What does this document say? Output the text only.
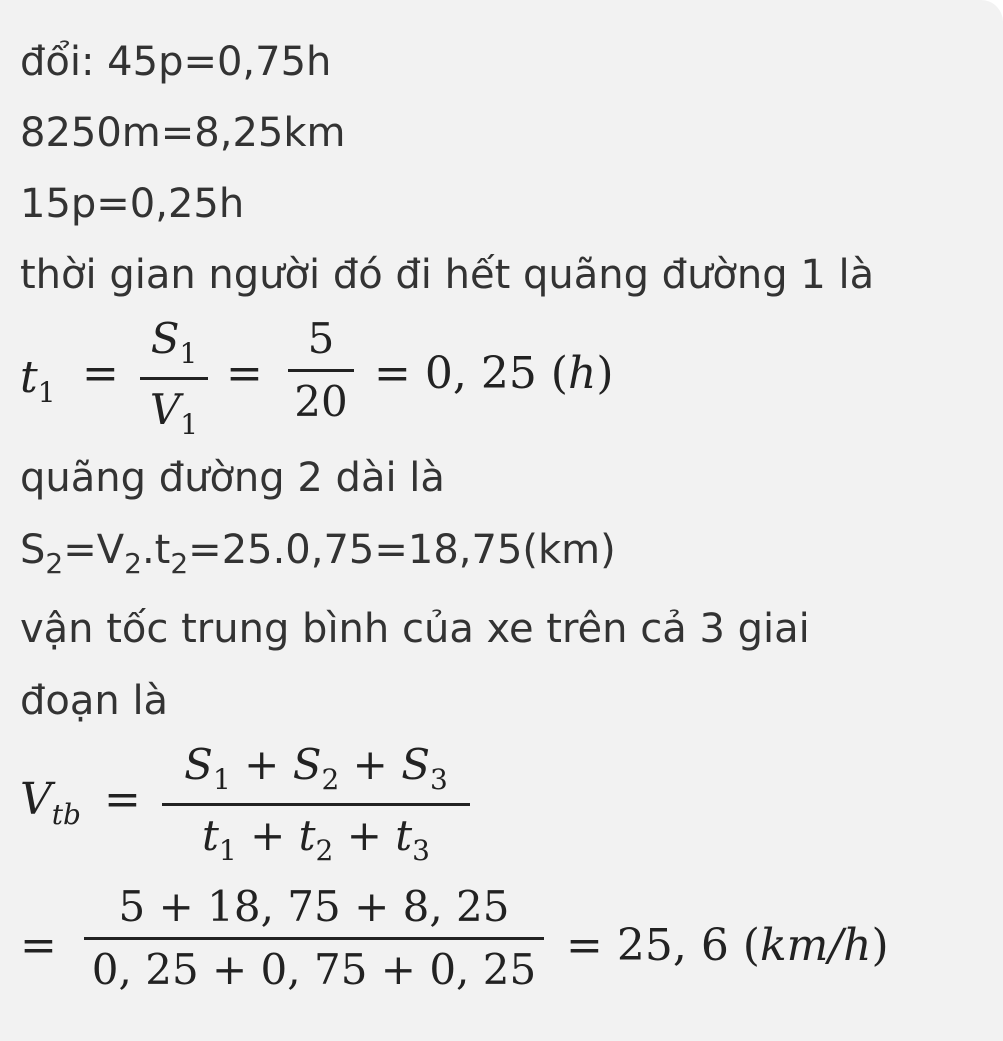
đổi: 45p=0,75h
8250m=8,25km
15p=0,25h
thời gian người đó đi hết quãng đường 1 là
$t_1$ =
$S_1$
$V_1$
=
5
20
= 0, 25 (h)
quãng đường 2 dài là
$S_2=V_2.t_2=25.0,75=18,75(km)$
vận tốc trung bình của xe trên cả 3 giai
đoạn là
$V_{tb}$ =
$S_1 + S_2 + S_3$
$t_1 + t_2 + t_3$
=
5 + 18, 75 + 8, 25
0, 25 + 0, 75 + 0, 25 = 25, 6 (km/h)
